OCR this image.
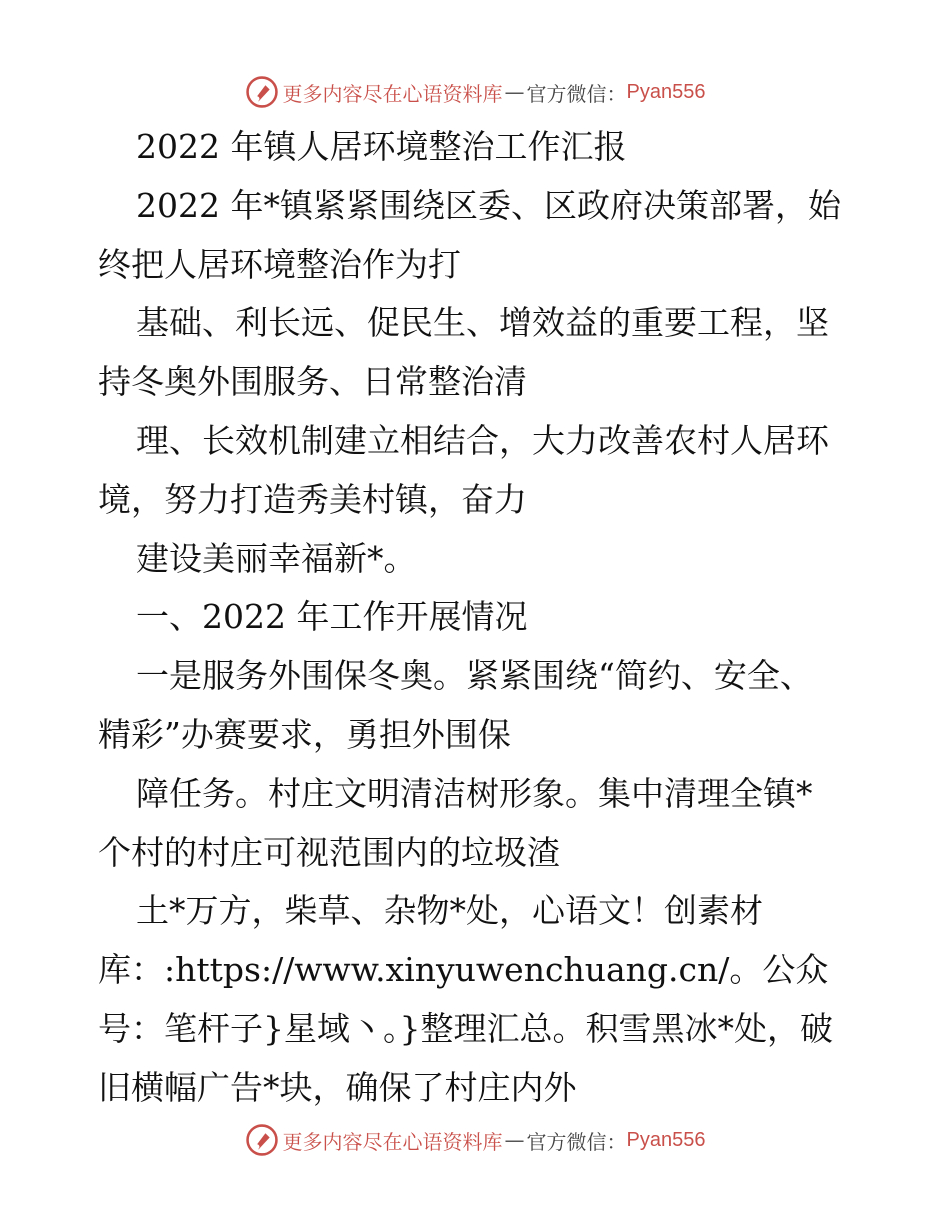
更多内容尽在心语资料库 — 官方微信： Pyan556
2022 年镇人居环境整治工作汇报
2022 年*镇紧紧围绕区委、区政府决策部署，始
终把人居环境整治作为打
基础、利长远、促民生、增效益的重要工程，坚
持冬奥外围服务、日常整治清
理、长效机制建立相结合，大力改善农村人居环
境，努力打造秀美村镇，奋力
建设美丽幸福新*。
一、2022 年工作开展情况
一是服务外围保冬奥。紧紧围绕“简约、安全、
精彩”办赛要求，勇担外围保
障任务。村庄文明清洁树形象。集中清理全镇*
个村的村庄可视范围内的垃圾渣
土*万方，柴草、杂物*处，心语文！创素材
库：:https://www.xinyuwenchuang.cn/。公众
号：笔杆子}星域丶。}整理汇总。积雪黑冰*处，破
旧横幅广告*块，确保了村庄内外
更多内容尽在心语资料库 — 官方微信： Pyan556
